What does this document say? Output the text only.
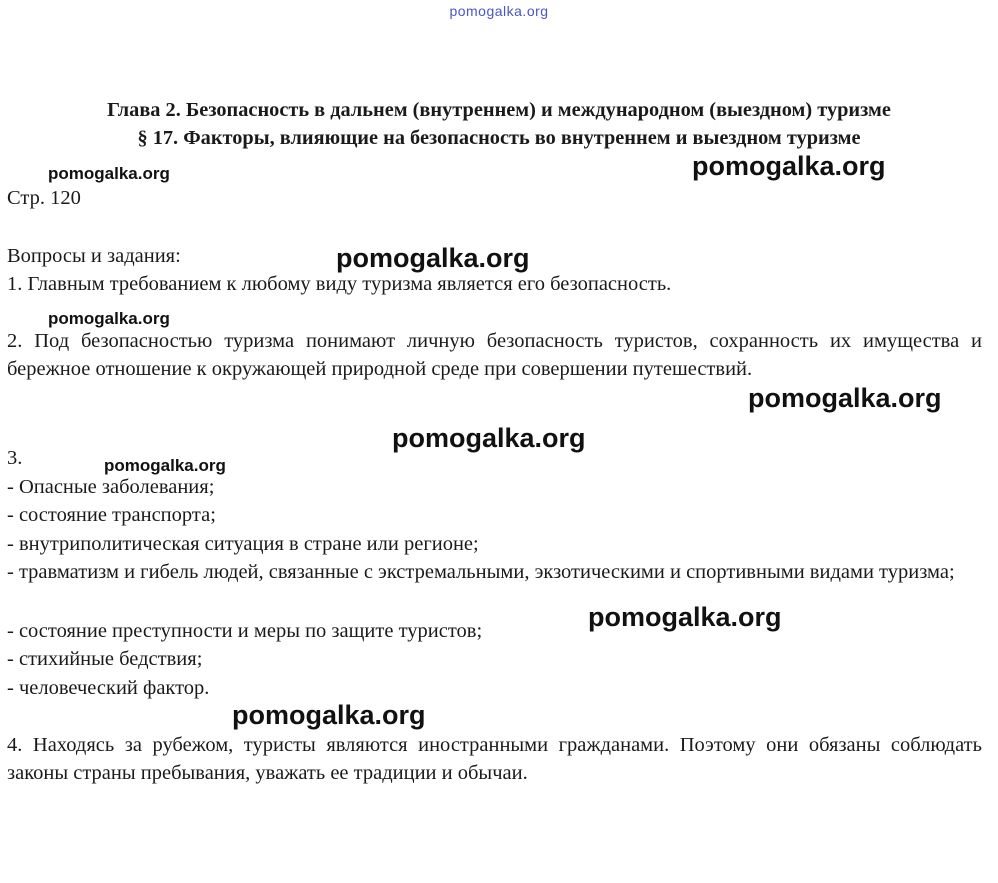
pomogalka.org
Глава 2. Безопасность в дальнем (внутреннем) и международном (выездном) туризме
§ 17. Факторы, влияющие на безопасность во внутреннем и выездном туризме
Стр. 120
Вопросы и задания:
1. Главным требованием к любому виду туризма является его безопасность.
2. Под безопасностью туризма понимают личную безопасность туристов, сохранность их имущества и бережное отношение к окружающей природной среде при совершении путешествий.
3.
- Опасные заболевания;
- состояние транспорта;
- внутриполитическая ситуация в стране или регионе;
- травматизм и гибель людей, связанные с экстремальными, экзотическими и спортивными видами туризма;
- состояние преступности и меры по защите туристов;
- стихийные бедствия;
- человеческий фактор.
4. Находясь за рубежом, туристы являются иностранными гражданами. Поэтому они обязаны соблюдать законы страны пребывания, уважать ее традиции и обычаи.
pomogalka.org	pomogalka.org
pomogalka.org
pomogalka.org
pomogalka.org
pomogalka.org
pomogalka.org
pomogalka.org
pomogalka.org
